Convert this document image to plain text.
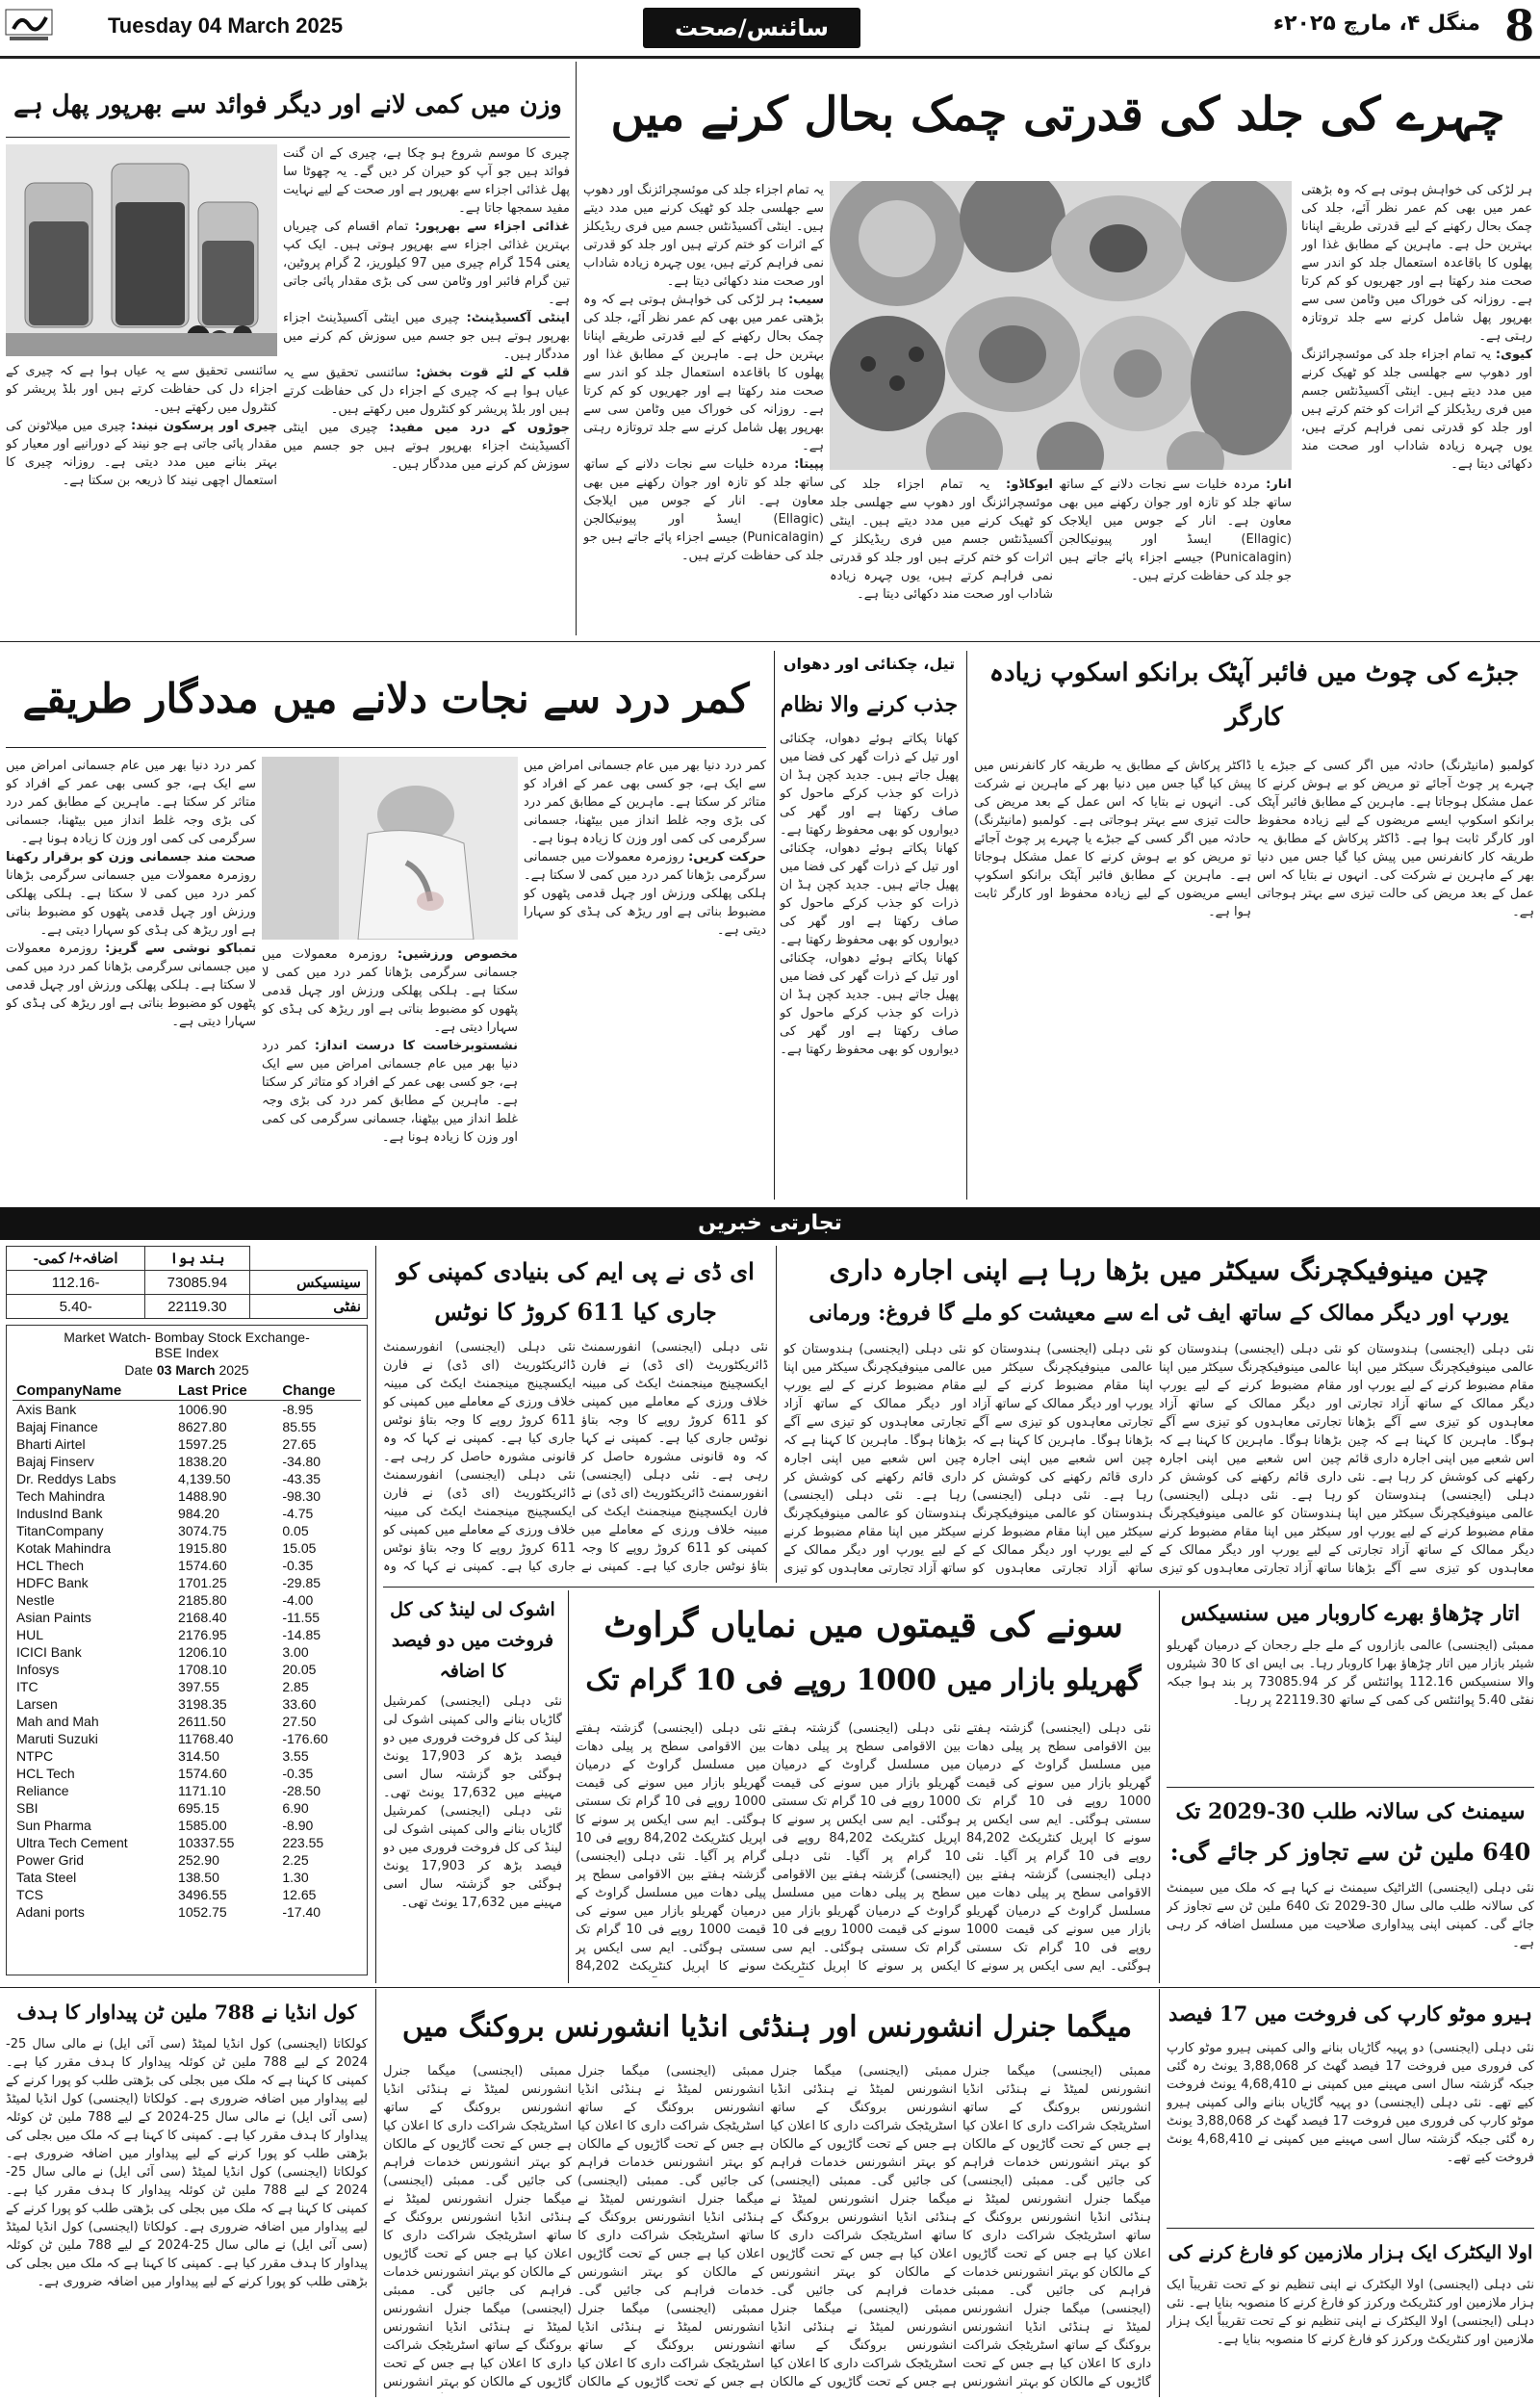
Tuesday 04 March 2025	سائنس/صحت	منگل ۴، مارچ ۲۰۲۵ء 8
چہرے کی جلد کی قدرتی چمک بحال کرنے میں
ہر لڑکی کی خواہش ہوتی ہے کہ وہ بڑھتی عمر میں بھی کم عمر نظر آئے، جلد کی چمک بحال رکھنے کے لیے قدرتی طریقے اپنانا بہترین حل ہے۔ ماہرین کے مطابق غذا اور پھلوں کا باقاعدہ استعمال جلد کو اندر سے صحت مند رکھتا ہے اور جھریوں کو کم کرتا ہے۔ روزانہ کی خوراک میں وٹامن سی سے بھرپور پھل شامل کرنے سے جلد تروتازہ رہتی ہے۔
کیوی: یہ تمام اجزاء جلد کی موئسچرائزنگ اور دھوپ سے جھلسی جلد کو ٹھیک کرنے میں مدد دیتے ہیں۔ اینٹی آکسیڈنٹس جسم میں فری ریڈیکلز کے اثرات کو ختم کرتے ہیں اور جلد کو قدرتی نمی فراہم کرتے ہیں، یوں چہرہ زیادہ شاداب اور صحت مند دکھائی دیتا ہے۔
انار: مردہ خلیات سے نجات دلانے کے ساتھ ساتھ جلد کو تازہ اور جوان رکھنے میں بھی معاون ہے۔ انار کے جوس میں ایلاجک (Ellagic) ایسڈ اور پیونیکالجن (Punicalagin) جیسے اجزاء پائے جاتے ہیں جو جلد کی حفاظت کرتے ہیں۔
ایوکاڈو: یہ تمام اجزاء جلد کی موئسچرائزنگ اور دھوپ سے جھلسی جلد کو ٹھیک کرنے میں مدد دیتے ہیں۔ اینٹی آکسیڈنٹس جسم میں فری ریڈیکلز کے اثرات کو ختم کرتے ہیں اور جلد کو قدرتی نمی فراہم کرتے ہیں، یوں چہرہ زیادہ شاداب اور صحت مند دکھائی دیتا ہے۔
یہ تمام اجزاء جلد کی موئسچرائزنگ اور دھوپ سے جھلسی جلد کو ٹھیک کرنے میں مدد دیتے ہیں۔ اینٹی آکسیڈنٹس جسم میں فری ریڈیکلز کے اثرات کو ختم کرتے ہیں اور جلد کو قدرتی نمی فراہم کرتے ہیں، یوں چہرہ زیادہ شاداب اور صحت مند دکھائی دیتا ہے۔
سیب: ہر لڑکی کی خواہش ہوتی ہے کہ وہ بڑھتی عمر میں بھی کم عمر نظر آئے، جلد کی چمک بحال رکھنے کے لیے قدرتی طریقے اپنانا بہترین حل ہے۔ ماہرین کے مطابق غذا اور پھلوں کا باقاعدہ استعمال جلد کو اندر سے صحت مند رکھتا ہے اور جھریوں کو کم کرتا ہے۔ روزانہ کی خوراک میں وٹامن سی سے بھرپور پھل شامل کرنے سے جلد تروتازہ رہتی ہے۔
پپیتا: مردہ خلیات سے نجات دلانے کے ساتھ ساتھ جلد کو تازہ اور جوان رکھنے میں بھی معاون ہے۔ انار کے جوس میں ایلاجک (Ellagic) ایسڈ اور پیونیکالجن (Punicalagin) جیسے اجزاء پائے جاتے ہیں جو جلد کی حفاظت کرتے ہیں۔
وزن میں کمی لانے اور دیگر فوائد سے بھرپور پھل ہے
چیری کا موسم شروع ہو چکا ہے، چیری کے ان گنت فوائد ہیں جو آپ کو حیران کر دیں گے۔ یہ چھوٹا سا پھل غذائی اجزاء سے بھرپور ہے اور صحت کے لیے نہایت مفید سمجھا جاتا ہے۔
غذائی اجزاء سے بھرپور: تمام اقسام کی چیریاں بہترین غذائی اجزاء سے بھرپور ہوتی ہیں۔ ایک کپ یعنی 154 گرام چیری میں 97 کیلوریز، 2 گرام پروٹین، تین گرام فائبر اور وٹامن سی کی بڑی مقدار پائی جاتی ہے۔
اینٹی آکسیڈینٹ: چیری میں اینٹی آکسیڈینٹ اجزاء بھرپور ہوتے ہیں جو جسم میں سوزش کم کرنے میں مددگار ہیں۔
قلب کے لئے قوت بخش: سائنسی تحقیق سے یہ عیاں ہوا ہے کہ چیری کے اجزاء دل کی حفاظت کرتے ہیں اور بلڈ پریشر کو کنٹرول میں رکھتے ہیں۔
جوڑوں کے درد میں مفید: چیری میں اینٹی آکسیڈینٹ اجزاء بھرپور ہوتے ہیں جو جسم میں سوزش کم کرنے میں مددگار ہیں۔
سائنسی تحقیق سے یہ عیاں ہوا ہے کہ چیری کے اجزاء دل کی حفاظت کرتے ہیں اور بلڈ پریشر کو کنٹرول میں رکھتے ہیں۔
چیری اور پرسکون نیند: چیری میں میلاٹونن کی مقدار پائی جاتی ہے جو نیند کے دورانیے اور معیار کو بہتر بنانے میں مدد دیتی ہے۔ روزانہ چیری کا استعمال اچھی نیند کا ذریعہ بن سکتا ہے۔
جبڑے کی چوٹ میں فائبر آپٹک برانکو اسکوپ زیادہ کارگر
کولمبو (مانیٹرنگ) حادثہ میں اگر کسی کے جبڑے یا چہرے پر چوٹ آجائے تو مریض کو بے ہوش کرنے کا عمل مشکل ہوجاتا ہے۔ ماہرین کے مطابق فائبر آپٹک برانکو اسکوپ ایسے مریضوں کے لیے زیادہ محفوظ اور کارگر ثابت ہوا ہے۔ ڈاکٹر پرکاش کے مطابق یہ طریقہ کار کانفرنس میں پیش کیا گیا جس میں دنیا بھر کے ماہرین نے شرکت کی۔ انہوں نے بتایا کہ اس عمل کے بعد مریض کی حالت تیزی سے بہتر ہوجاتی ہے۔
ڈاکٹر پرکاش کے مطابق یہ طریقہ کار کانفرنس میں پیش کیا گیا جس میں دنیا بھر کے ماہرین نے شرکت کی۔ انہوں نے بتایا کہ اس عمل کے بعد مریض کی حالت تیزی سے بہتر ہوجاتی ہے۔ کولمبو (مانیٹرنگ) حادثہ میں اگر کسی کے جبڑے یا چہرے پر چوٹ آجائے تو مریض کو بے ہوش کرنے کا عمل مشکل ہوجاتا ہے۔ ماہرین کے مطابق فائبر آپٹک برانکو اسکوپ ایسے مریضوں کے لیے زیادہ محفوظ اور کارگر ثابت ہوا ہے۔
تیل، چکنائی اور دھواں
جذب کرنے والا نظام
کھانا پکاتے ہوئے دھواں، چکنائی اور تیل کے ذرات گھر کی فضا میں پھیل جاتے ہیں۔ جدید کچن ہڈ ان ذرات کو جذب کرکے ماحول کو صاف رکھتا ہے اور گھر کی دیواروں کو بھی محفوظ رکھتا ہے۔ کھانا پکاتے ہوئے دھواں، چکنائی اور تیل کے ذرات گھر کی فضا میں پھیل جاتے ہیں۔ جدید کچن ہڈ ان ذرات کو جذب کرکے ماحول کو صاف رکھتا ہے اور گھر کی دیواروں کو بھی محفوظ رکھتا ہے۔ کھانا پکاتے ہوئے دھواں، چکنائی اور تیل کے ذرات گھر کی فضا میں پھیل جاتے ہیں۔ جدید کچن ہڈ ان ذرات کو جذب کرکے ماحول کو صاف رکھتا ہے اور گھر کی دیواروں کو بھی محفوظ رکھتا ہے۔
کمر درد سے نجات دلانے میں مددگار طریقے
کمر درد دنیا بھر میں عام جسمانی امراض میں سے ایک ہے، جو کسی بھی عمر کے افراد کو متاثر کر سکتا ہے۔ ماہرین کے مطابق کمر درد کی بڑی وجہ غلط انداز میں بیٹھنا، جسمانی سرگرمی کی کمی اور وزن کا زیادہ ہونا ہے۔
حرکت کریں: روزمرہ معمولات میں جسمانی سرگرمی بڑھانا کمر درد میں کمی لا سکتا ہے۔ ہلکی پھلکی ورزش اور چہل قدمی پٹھوں کو مضبوط بناتی ہے اور ریڑھ کی ہڈی کو سہارا دیتی ہے۔
مخصوص ورزشیں: روزمرہ معمولات میں جسمانی سرگرمی بڑھانا کمر درد میں کمی لا سکتا ہے۔ ہلکی پھلکی ورزش اور چہل قدمی پٹھوں کو مضبوط بناتی ہے اور ریڑھ کی ہڈی کو سہارا دیتی ہے۔
نشستوبرخاست کا درست انداز: کمر درد دنیا بھر میں عام جسمانی امراض میں سے ایک ہے، جو کسی بھی عمر کے افراد کو متاثر کر سکتا ہے۔ ماہرین کے مطابق کمر درد کی بڑی وجہ غلط انداز میں بیٹھنا، جسمانی سرگرمی کی کمی اور وزن کا زیادہ ہونا ہے۔
کمر درد دنیا بھر میں عام جسمانی امراض میں سے ایک ہے، جو کسی بھی عمر کے افراد کو متاثر کر سکتا ہے۔ ماہرین کے مطابق کمر درد کی بڑی وجہ غلط انداز میں بیٹھنا، جسمانی سرگرمی کی کمی اور وزن کا زیادہ ہونا ہے۔
صحت مند جسمانی وزن کو برقرار رکھنا روزمرہ معمولات میں جسمانی سرگرمی بڑھانا کمر درد میں کمی لا سکتا ہے۔ ہلکی پھلکی ورزش اور چہل قدمی پٹھوں کو مضبوط بناتی ہے اور ریڑھ کی ہڈی کو سہارا دیتی ہے۔
تمباکو نوشی سے گریز: روزمرہ معمولات میں جسمانی سرگرمی بڑھانا کمر درد میں کمی لا سکتا ہے۔ ہلکی پھلکی ورزش اور چہل قدمی پٹھوں کو مضبوط بناتی ہے اور ریڑھ کی ہڈی کو سہارا دیتی ہے۔
تجارتی خبریں
	بند ہوا	اضافہ+/ کمی-
سینسیکس	73085.94	-112.16
نفٹی	22119.30	-5.40
Market Watch- Bombay Stock Exchange-
BSE Index
Date 03 March 2025
CompanyName	Last Price	Change
Axis Bank	1006.90	-8.95
Bajaj Finance	8627.80	85.55
Bharti Airtel	1597.25	27.65
Bajaj Finserv	1838.20	-34.80
Dr. Reddys Labs	4,139.50	-43.35
Tech Mahindra	1488.90	-98.30
IndusInd Bank	984.20	-4.75
TitanCompany	3074.75	0.05
Kotak Mahindra	1915.80	15.05
HCL Thech	1574.60	-0.35
HDFC Bank	1701.25	-29.85
Nestle	2185.80	-4.00
Asian Paints	2168.40	-11.55
HUL	2176.95	-14.85
ICICI Bank	1206.10	3.00
Infosys	1708.10	20.05
ITC	397.55	2.85
Larsen	3198.35	33.60
Mah and Mah	2611.50	27.50
Maruti Suzuki	11768.40	-176.60
NTPC	314.50	3.55
HCL Tech	1574.60	-0.35
Reliance	1171.10	-28.50
SBI	695.15	6.90
Sun Pharma	1585.00	-8.90
Ultra Tech Cement	10337.55	223.55
Power Grid	252.90	2.25
Tata Steel	138.50	1.30
TCS	3496.55	12.65
Adani ports	1052.75	-17.40
ای ڈی نے پی ایم کی بنیادی کمپنی کو جاری کیا 611 کروڑ کا نوٹس
نئی دہلی (ایجنسی) انفورسمنٹ ڈائریکٹوریٹ (ای ڈی) نے فارن ایکسچینج مینجمنٹ ایکٹ کی مبینہ خلاف ورزی کے معاملے میں کمپنی کو 611 کروڑ روپے کا وجہ بتاؤ نوٹس جاری کیا ہے۔ کمپنی نے کہا کہ وہ قانونی مشورہ حاصل کر رہی ہے۔ نئی دہلی (ایجنسی) انفورسمنٹ ڈائریکٹوریٹ (ای ڈی) نے فارن ایکسچینج مینجمنٹ ایکٹ کی مبینہ خلاف ورزی کے معاملے میں کمپنی کو 611 کروڑ روپے کا وجہ بتاؤ نوٹس جاری کیا ہے۔ کمپنی نے
نئی دہلی (ایجنسی) انفورسمنٹ ڈائریکٹوریٹ (ای ڈی) نے فارن ایکسچینج مینجمنٹ ایکٹ کی مبینہ خلاف ورزی کے معاملے میں کمپنی کو 611 کروڑ روپے کا وجہ بتاؤ نوٹس جاری کیا ہے۔ کمپنی نے کہا کہ وہ قانونی مشورہ حاصل کر رہی ہے۔ نئی دہلی (ایجنسی) انفورسمنٹ ڈائریکٹوریٹ (ای ڈی) نے فارن ایکسچینج مینجمنٹ ایکٹ کی مبینہ خلاف ورزی کے معاملے میں کمپنی کو 611 کروڑ روپے کا وجہ بتاؤ نوٹس جاری کیا ہے۔ کمپنی نے کہا کہ وہ
چین مینوفیکچرنگ سیکٹر میں بڑھا رہا ہے اپنی اجارہ داری
یورپ اور دیگر ممالک کے ساتھ ایف ٹی اے سے معیشت کو ملے گا فروغ: ورمانی
نئی دہلی (ایجنسی) ہندوستان کو عالمی مینوفیکچرنگ سیکٹر میں اپنا مقام مضبوط کرنے کے لیے یورپ اور دیگر ممالک کے ساتھ آزاد تجارتی معاہدوں کو تیزی سے آگے بڑھانا ہوگا۔ ماہرین کا کہنا ہے کہ چین اس شعبے میں اپنی اجارہ داری قائم رکھنے کی کوشش کر رہا ہے۔ نئی دہلی (ایجنسی) ہندوستان کو عالمی مینوفیکچرنگ سیکٹر میں اپنا مقام مضبوط کرنے کے لیے یورپ اور دیگر ممالک کے ساتھ آزاد تجارتی معاہدوں کو تیزی سے آگے بڑھانا
نئی دہلی (ایجنسی) ہندوستان کو عالمی مینوفیکچرنگ سیکٹر میں اپنا مقام مضبوط کرنے کے لیے یورپ اور دیگر ممالک کے ساتھ آزاد تجارتی معاہدوں کو تیزی سے آگے بڑھانا ہوگا۔ ماہرین کا کہنا ہے کہ چین اس شعبے میں اپنی اجارہ داری قائم رکھنے کی کوشش کر رہا ہے۔ نئی دہلی (ایجنسی) ہندوستان کو عالمی مینوفیکچرنگ سیکٹر میں اپنا مقام مضبوط کرنے کے لیے یورپ اور دیگر ممالک کے ساتھ آزاد تجارتی معاہدوں کو تیزی
نئی دہلی (ایجنسی) ہندوستان کو عالمی مینوفیکچرنگ سیکٹر میں اپنا مقام مضبوط کرنے کے لیے یورپ اور دیگر ممالک کے ساتھ آزاد تجارتی معاہدوں کو تیزی سے آگے بڑھانا ہوگا۔ ماہرین کا کہنا ہے کہ چین اس شعبے میں اپنی اجارہ داری قائم رکھنے کی کوشش کر رہا ہے۔ نئی دہلی (ایجنسی) ہندوستان کو عالمی مینوفیکچرنگ سیکٹر میں اپنا مقام مضبوط کرنے کے لیے یورپ اور دیگر ممالک کے ساتھ آزاد تجارتی معاہدوں کو
نئی دہلی (ایجنسی) ہندوستان کو عالمی مینوفیکچرنگ سیکٹر میں اپنا مقام مضبوط کرنے کے لیے یورپ اور دیگر ممالک کے ساتھ آزاد تجارتی معاہدوں کو تیزی سے آگے بڑھانا ہوگا۔ ماہرین کا کہنا ہے کہ چین اس شعبے میں اپنی اجارہ داری قائم رکھنے کی کوشش کر رہا ہے۔ نئی دہلی (ایجنسی) ہندوستان کو عالمی مینوفیکچرنگ سیکٹر میں اپنا مقام مضبوط کرنے کے لیے یورپ اور دیگر ممالک کے ساتھ آزاد تجارتی معاہدوں کو تیزی
اشوک لی لینڈ کی کل فروخت میں دو فیصد کا اضافہ
نئی دہلی (ایجنسی) کمرشیل گاڑیاں بنانے والی کمپنی اشوک لی لینڈ کی کل فروخت فروری میں دو فیصد بڑھ کر 17,903 یونٹ ہوگئی جو گزشتہ سال اسی مہینے میں 17,632 یونٹ تھی۔ نئی دہلی (ایجنسی) کمرشیل گاڑیاں بنانے والی کمپنی اشوک لی لینڈ کی کل فروخت فروری میں دو فیصد بڑھ کر 17,903 یونٹ ہوگئی جو گزشتہ سال اسی مہینے میں 17,632 یونٹ تھی۔
سونے کی قیمتوں میں نمایاں گراوٹ
گھریلو بازار میں 1000 روپے فی 10 گرام تک
نئی دہلی (ایجنسی) گزشتہ ہفتے بین الاقوامی سطح پر پیلی دھات میں مسلسل گراوٹ کے درمیان گھریلو بازار میں سونے کی قیمت 1000 روپے فی 10 گرام تک سستی ہوگئی۔ ایم سی ایکس پر سونے کا اپریل کنٹریکٹ 84,202 روپے فی 10 گرام پر آگیا۔ نئی دہلی (ایجنسی) گزشتہ ہفتے بین الاقوامی سطح پر پیلی دھات میں مسلسل گراوٹ کے درمیان گھریلو بازار میں سونے کی قیمت 1000 روپے فی 10 گرام تک سستی ہوگئی۔ ایم سی ایکس پر سونے کا
نئی دہلی (ایجنسی) گزشتہ ہفتے بین الاقوامی سطح پر پیلی دھات میں مسلسل گراوٹ کے درمیان گھریلو بازار میں سونے کی قیمت 1000 روپے فی 10 گرام تک سستی ہوگئی۔ ایم سی ایکس پر سونے کا اپریل کنٹریکٹ 84,202 روپے فی 10 گرام پر آگیا۔ نئی دہلی (ایجنسی) گزشتہ ہفتے بین الاقوامی سطح پر پیلی دھات میں مسلسل گراوٹ کے درمیان گھریلو بازار میں سونے کی قیمت 1000 روپے فی 10 گرام تک سستی ہوگئی۔ ایم سی ایکس پر سونے کا اپریل کنٹریکٹ
نئی دہلی (ایجنسی) گزشتہ ہفتے بین الاقوامی سطح پر پیلی دھات میں مسلسل گراوٹ کے درمیان گھریلو بازار میں سونے کی قیمت 1000 روپے فی 10 گرام تک سستی ہوگئی۔ ایم سی ایکس پر سونے کا اپریل کنٹریکٹ 84,202 روپے فی 10 گرام پر آگیا۔ نئی دہلی (ایجنسی) گزشتہ ہفتے بین الاقوامی سطح پر پیلی دھات میں مسلسل گراوٹ کے درمیان گھریلو بازار میں سونے کی قیمت 1000 روپے فی 10 گرام تک سستی ہوگئی۔ ایم سی ایکس پر سونے کا اپریل کنٹریکٹ 84,202
اتار چڑھاؤ بھرے کاروبار میں سنسیکس
ممبئی (ایجنسی) عالمی بازاروں کے ملے جلے رجحان کے درمیان گھریلو شیئر بازار میں اتار چڑھاؤ بھرا کاروبار رہا۔ بی ایس ای کا 30 شیئروں والا سنسیکس 112.16 پوائنٹس گر کر 73085.94 پر بند ہوا جبکہ نفٹی 5.40 پوائنٹس کی کمی کے ساتھ 22119.30 پر رہا۔
سیمنٹ کی سالانہ طلب 30-2029 تک
640 ملین ٹن سے تجاوز کر جائے گی:
نئی دہلی (ایجنسی) الٹراٹیک سیمنٹ نے کہا ہے کہ ملک میں سیمنٹ کی سالانہ طلب مالی سال 30-2029 تک 640 ملین ٹن سے تجاوز کر جائے گی۔ کمپنی اپنی پیداواری صلاحیت میں مسلسل اضافہ کر رہی ہے۔
کول انڈیا نے 788 ملین ٹن پیداوار کا ہدف
کولکاتا (ایجنسی) کول انڈیا لمیٹڈ (سی آئی ایل) نے مالی سال 25-2024 کے لیے 788 ملین ٹن کوئلہ پیداوار کا ہدف مقرر کیا ہے۔ کمپنی کا کہنا ہے کہ ملک میں بجلی کی بڑھتی طلب کو پورا کرنے کے لیے پیداوار میں اضافہ ضروری ہے۔ کولکاتا (ایجنسی) کول انڈیا لمیٹڈ (سی آئی ایل) نے مالی سال 25-2024 کے لیے 788 ملین ٹن کوئلہ پیداوار کا ہدف مقرر کیا ہے۔ کمپنی کا کہنا ہے کہ ملک میں بجلی کی بڑھتی طلب کو پورا کرنے کے لیے پیداوار میں اضافہ ضروری ہے۔ کولکاتا (ایجنسی) کول انڈیا لمیٹڈ (سی آئی ایل) نے مالی سال 25-2024 کے لیے 788 ملین ٹن کوئلہ پیداوار کا ہدف مقرر کیا ہے۔ کمپنی کا کہنا ہے کہ ملک میں بجلی کی بڑھتی طلب کو پورا کرنے کے لیے پیداوار میں اضافہ ضروری ہے۔ کولکاتا (ایجنسی) کول انڈیا لمیٹڈ (سی آئی ایل) نے مالی سال 25-2024 کے لیے 788 ملین ٹن کوئلہ پیداوار کا ہدف مقرر کیا ہے۔ کمپنی کا کہنا ہے کہ ملک میں بجلی کی بڑھتی طلب کو پورا کرنے کے لیے پیداوار میں اضافہ ضروری ہے۔
میگما جنرل انشورنس اور ہنڈئی انڈیا انشورنس بروکنگ میں
ممبئی (ایجنسی) میگما جنرل انشورنس لمیٹڈ نے ہنڈئی انڈیا انشورنس بروکنگ کے ساتھ اسٹریٹجک شراکت داری کا اعلان کیا ہے جس کے تحت گاڑیوں کے مالکان کو بہتر انشورنس خدمات فراہم کی جائیں گی۔ ممبئی (ایجنسی) میگما جنرل انشورنس لمیٹڈ نے ہنڈئی انڈیا انشورنس بروکنگ کے ساتھ اسٹریٹجک شراکت داری کا اعلان کیا ہے جس کے تحت گاڑیوں کے مالکان کو بہتر انشورنس خدمات فراہم کی جائیں گی۔ ممبئی (ایجنسی) میگما جنرل انشورنس لمیٹڈ نے ہنڈئی انڈیا انشورنس بروکنگ کے ساتھ اسٹریٹجک شراکت داری کا اعلان کیا ہے جس کے تحت گاڑیوں کے مالکان کو بہتر انشورنس
ممبئی (ایجنسی) میگما جنرل انشورنس لمیٹڈ نے ہنڈئی انڈیا انشورنس بروکنگ کے ساتھ اسٹریٹجک شراکت داری کا اعلان کیا ہے جس کے تحت گاڑیوں کے مالکان کو بہتر انشورنس خدمات فراہم کی جائیں گی۔ ممبئی (ایجنسی) میگما جنرل انشورنس لمیٹڈ نے ہنڈئی انڈیا انشورنس بروکنگ کے ساتھ اسٹریٹجک شراکت داری کا اعلان کیا ہے جس کے تحت گاڑیوں کے مالکان کو بہتر انشورنس خدمات فراہم کی جائیں گی۔ ممبئی (ایجنسی) میگما جنرل انشورنس لمیٹڈ نے ہنڈئی انڈیا انشورنس بروکنگ کے ساتھ اسٹریٹجک شراکت داری کا اعلان کیا ہے جس کے تحت گاڑیوں کے مالکان
ممبئی (ایجنسی) میگما جنرل انشورنس لمیٹڈ نے ہنڈئی انڈیا انشورنس بروکنگ کے ساتھ اسٹریٹجک شراکت داری کا اعلان کیا ہے جس کے تحت گاڑیوں کے مالکان کو بہتر انشورنس خدمات فراہم کی جائیں گی۔ ممبئی (ایجنسی) میگما جنرل انشورنس لمیٹڈ نے ہنڈئی انڈیا انشورنس بروکنگ کے ساتھ اسٹریٹجک شراکت داری کا اعلان کیا ہے جس کے تحت گاڑیوں کے مالکان کو بہتر انشورنس خدمات فراہم کی جائیں گی۔ ممبئی (ایجنسی) میگما جنرل انشورنس لمیٹڈ نے ہنڈئی انڈیا انشورنس بروکنگ کے ساتھ اسٹریٹجک شراکت داری کا اعلان کیا ہے جس کے تحت گاڑیوں کے مالکان
ممبئی (ایجنسی) میگما جنرل انشورنس لمیٹڈ نے ہنڈئی انڈیا انشورنس بروکنگ کے ساتھ اسٹریٹجک شراکت داری کا اعلان کیا ہے جس کے تحت گاڑیوں کے مالکان کو بہتر انشورنس خدمات فراہم کی جائیں گی۔ ممبئی (ایجنسی) میگما جنرل انشورنس لمیٹڈ نے ہنڈئی انڈیا انشورنس بروکنگ کے ساتھ اسٹریٹجک شراکت داری کا اعلان کیا ہے جس کے تحت گاڑیوں کے مالکان کو بہتر انشورنس خدمات فراہم کی جائیں گی۔ ممبئی (ایجنسی) میگما جنرل انشورنس لمیٹڈ نے ہنڈئی انڈیا انشورنس بروکنگ کے ساتھ اسٹریٹجک شراکت داری کا اعلان کیا ہے جس کے تحت گاڑیوں کے مالکان کو بہتر انشورنس
ہیرو موٹو کارپ کی فروخت میں 17 فیصد
نئی دہلی (ایجنسی) دو پہیہ گاڑیاں بنانے والی کمپنی ہیرو موٹو کارپ کی فروری میں فروخت 17 فیصد گھٹ کر 3,88,068 یونٹ رہ گئی جبکہ گزشتہ سال اسی مہینے میں کمپنی نے 4,68,410 یونٹ فروخت کیے تھے۔ نئی دہلی (ایجنسی) دو پہیہ گاڑیاں بنانے والی کمپنی ہیرو موٹو کارپ کی فروری میں فروخت 17 فیصد گھٹ کر 3,88,068 یونٹ رہ گئی جبکہ گزشتہ سال اسی مہینے میں کمپنی نے 4,68,410 یونٹ فروخت کیے تھے۔
اولا الیکٹرک ایک ہزار ملازمین کو فارغ کرنے کی
نئی دہلی (ایجنسی) اولا الیکٹرک نے اپنی تنظیم نو کے تحت تقریباً ایک ہزار ملازمین اور کنٹریکٹ ورکرز کو فارغ کرنے کا منصوبہ بنایا ہے۔ نئی دہلی (ایجنسی) اولا الیکٹرک نے اپنی تنظیم نو کے تحت تقریباً ایک ہزار ملازمین اور کنٹریکٹ ورکرز کو فارغ کرنے کا منصوبہ بنایا ہے۔
